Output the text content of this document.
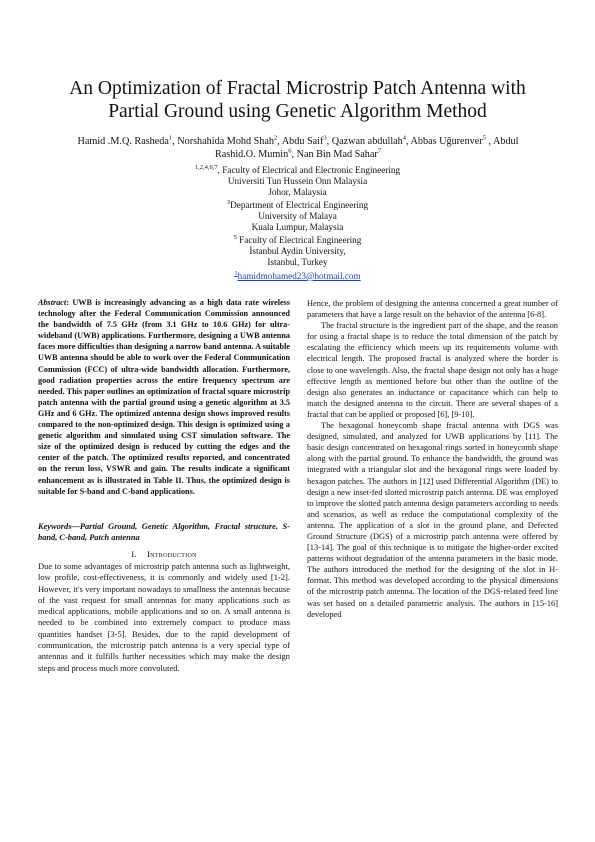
An Optimization of Fractal Microstrip Patch Antenna with
Partial Ground using Genetic Algorithm Method
Hamid .M.Q. Rasheda$^1$, Norshahida Mohd Shah$^2$, Abdu Saif$^3$, Qazwan abdullah$^4$, Abbas Uğurenver$^5$ , Abdul Rashid.O. Mumin$^6$, Nan Bin Mad Sahar$^7$
$^{1,2,4,6,7}$, Faculty of Electrical and Electronic Engineering
Universiti Tun Hussein Onn Malaysia
Johor, Malaysia
$^3$Department of Electrical Engineering
University of Malaya
Kuala Lumpur, Malaysia
$^5$ Faculty of Electrical Engineering
İstanbul Aydin University,
Istanbul, Turkey
$^1$hamidmohamed23@hotmail.com
Abstract: UWB is increasingly advancing as a high data rate wireless technology after the Federal Communication Commission announced the bandwidth of 7.5 GHz (from 3.1 GHz to 10.6 GHz) for ultra-wideband (UWB) applications. Furthermore, designing a UWB antenna faces more difficulties than designing a narrow band antenna. A suitable UWB antenna should be able to work over the Federal Communication Commission (FCC) of ultra-wide bandwidth allocation. Furthermore, good radiation properties across the entire frequency spectrum are needed. This paper outlines an optimization of fractal square microstrip patch antenna with the partial ground using a genetic algorithm at 3.5 GHz and 6 GHz. The optimized antenna design shows improved results compared to the non-optimized design. This design is optimized using a genetic algorithm and simulated using CST simulation software. The size of the optimized design is reduced by cutting the edges and the center of the patch. The optimized results reported, and concentrated on the rerun loss, VSWR and gain. The results indicate a significant enhancement as is illustrated in Table II. Thus, the optimized design is suitable for S-band and C-band applications.
Keywords—Partial Ground, Genetic Algorithm, Fractal structure, S-band, C-band, Patch antenna
I. Introduction

Due to some advantages of microstrip patch antenna such as lightweight, low profile, cost-effectiveness, it is commonly and widely used [1-2]. However, it's very important nowadays to smallness the antennas because of the vast request for small antennas for many applications such as medical applications, mobile applications and so on. A small antenna is needed to be combined into extremely compact to produce mass quantities handset [3-5]. Besides, due to the rapid development of communication, the microstrip patch antenna is a very special type of antennas and it fulfills further necessities which may make the design steps and process much more convoluted.

Hence, the problem of designing the antenna concerned a great number of parameters that have a large result on the behavior of the antenna [6-8].

The fractal structure is the ingredient part of the shape, and the reason for using a fractal shape is to reduce the total dimension of the patch by escalating the efficiency which meets up its requirements volume with electrical length. The proposed fractal is analyzed where the border is close to one wavelength. Also, the fractal shape design not only has a huge effective length as mentioned before but other than the outline of the design also generates an inductance or capacitance which can help to match the designed antenna to the circuit. There are several shapes of a fractal that can be applied or proposed [6], [9-10].

The hexagonal honeycomb shape fractal antenna with DGS was designed, simulated, and analyzed for UWB applications by [11]. The basic design concentrated on hexagonal rings sorted in honeycomb shape along with the partial ground. To enhance the bandwidth, the ground was integrated with a triangular slot and the hexagonal rings were loaded by hexagon patches. The authors in [12] used Differential Algorithm (DE) to design a new inset-fed slotted microstrip patch antenna. DE was employed to improve the slotted patch antenna design parameters according to needs and scenarios, as well as reduce the computational complexity of the antenna. The application of a slot in the ground plane, and Defected Ground Structure (DGS) of a microstrip patch antenna were offered by [13-14]. The goal of this technique is to mitigate the higher-order excited patterns without degradation of the antenna parameters in the basic mode. The authors introduced the method for the designing of the slot in H-format. This method was developed according to the physical dimensions of the microstrip patch antenna. The location of the DGS-related feed line was set based on a detailed parametric analysis. The authors in [15-16] developed
